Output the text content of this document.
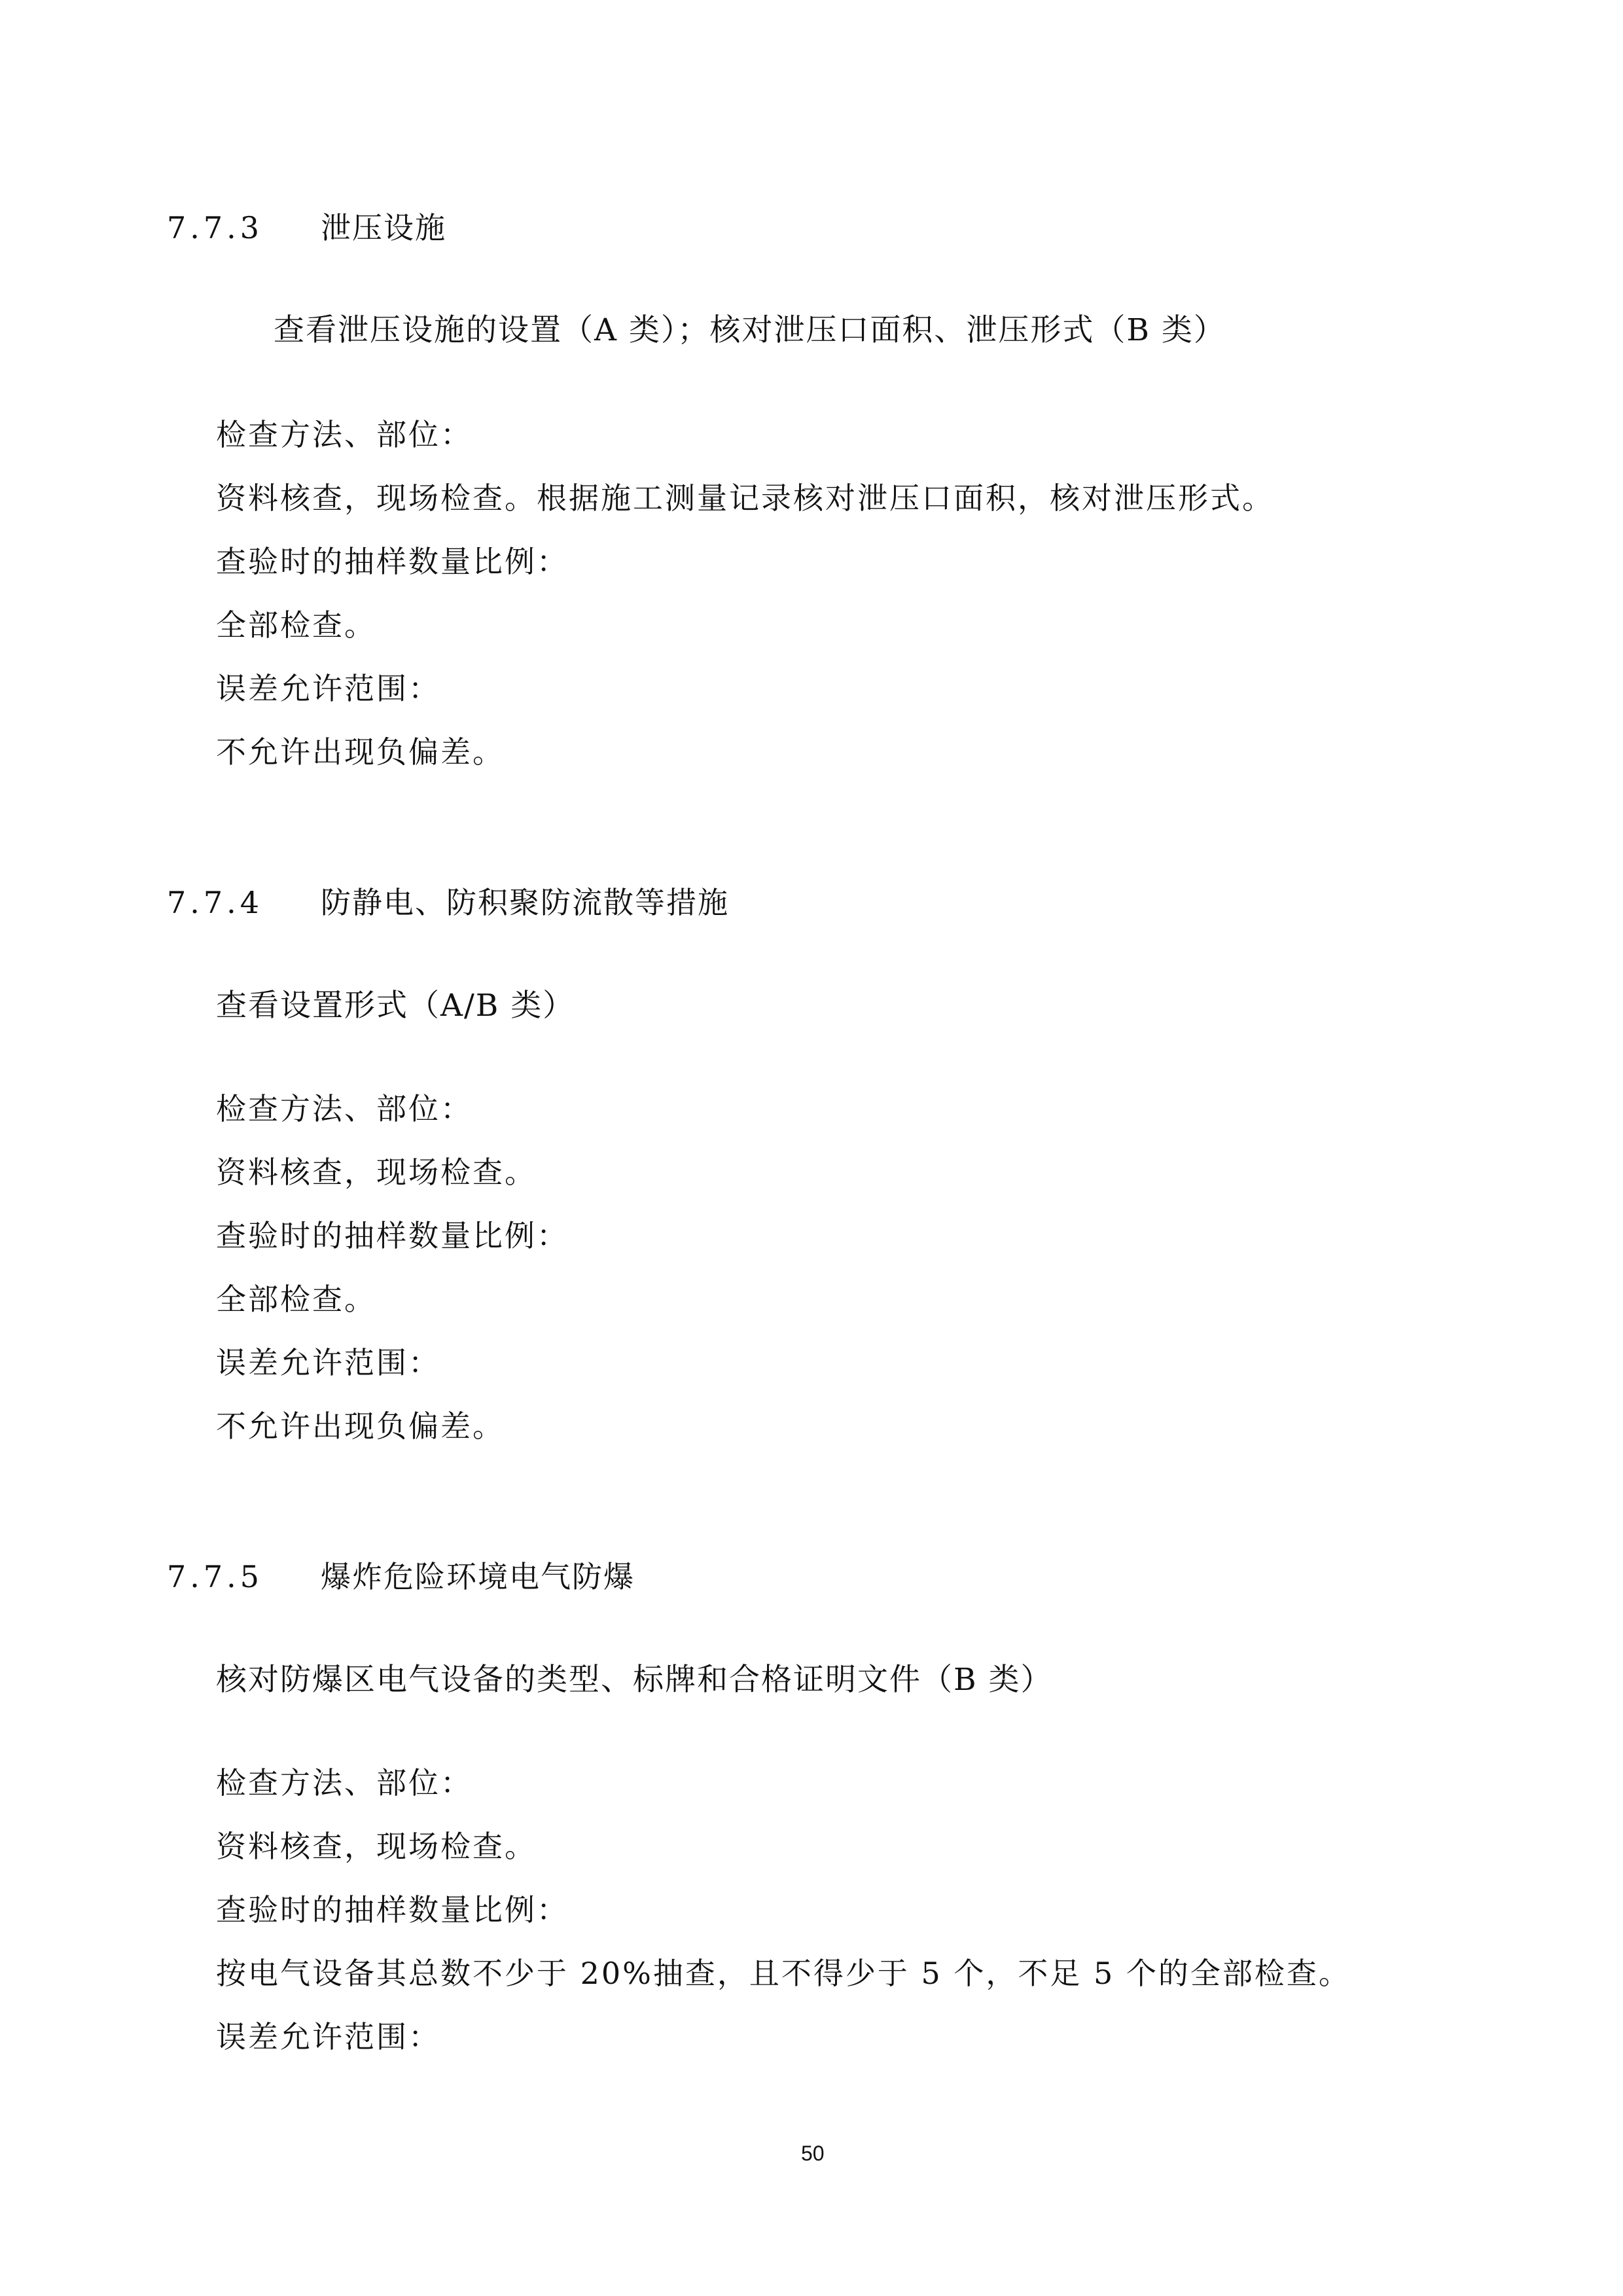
7.7.3 泄压设施
查看泄压设施的设置（A 类）；核对泄压口面积、泄压形式（B 类）
检查方法、部位：
资料核查，现场检查。根据施工测量记录核对泄压口面积，核对泄压形式。
查验时的抽样数量比例：
全部检查。
误差允许范围：
不允许出现负偏差。
7.7.4 防静电、防积聚防流散等措施
查看设置形式（A/B 类）
检查方法、部位：
资料核查，现场检查。
查验时的抽样数量比例：
全部检查。
误差允许范围：
不允许出现负偏差。
7.7.5 爆炸危险环境电气防爆
核对防爆区电气设备的类型、标牌和合格证明文件（B 类）
检查方法、部位：
资料核查，现场检查。
查验时的抽样数量比例：
按电气设备其总数不少于 20%抽查，且不得少于 5 个，不足 5 个的全部检查。
误差允许范围：
50
